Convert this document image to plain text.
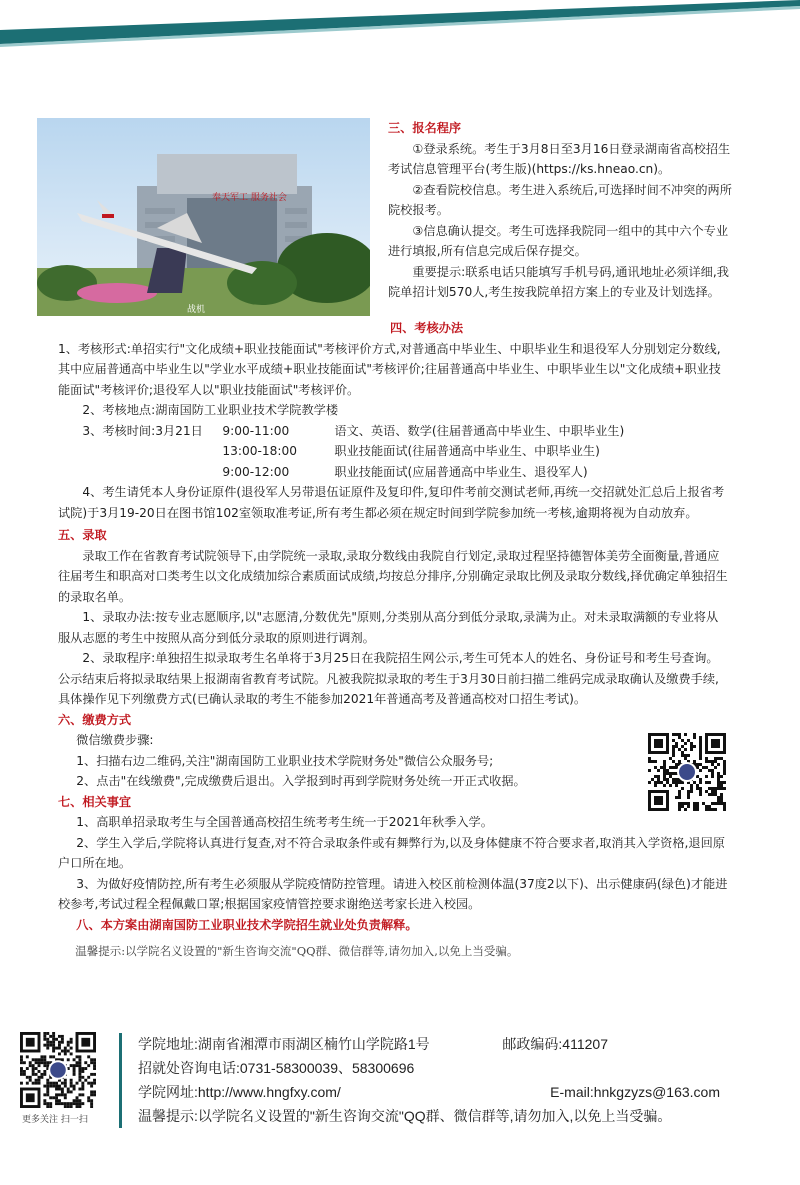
奉天军工 服务社会
战机

三、报名程序

①登录系统。考生于3月8日至3月16日登录湖南省高校招生考试信息管理平台(考生版)(https://ks.hneao.cn)。

②查看院校信息。考生进入系统后,可选择时间不冲突的两所院校报考。

③信息确认提交。考生可选择我院同一组中的其中六个专业进行填报,所有信息完成后保存提交。

重要提示:联系电话只能填写手机号码,通讯地址必须详细,我院单招计划570人,考生按我院单招方案上的专业及计划选择。

四、考核办法

1、考核形式:单招实行"文化成绩+职业技能面试"考核评价方式,对普通高中毕业生、中职毕业生和退役军人分别划定分数线,其中应届普通高中毕业生以"学业水平成绩+职业技能面试"考核评价;往届普通高中毕业生、中职毕业生以"文化成绩+职业技能面试"考核评价;退役军人以"职业技能面试"考核评价。

2、考核地点:湖南国防工业职业技术学院教学楼

3、考核时间:3月21日	9:00-11:00	语文、英语、数学(往届普通高中毕业生、中职毕业生)
13:00-18:00	职业技能面试(往届普通高中毕业生、中职毕业生)
9:00-12:00	职业技能面试(应届普通高中毕业生、退役军人)

4、考生请凭本人身份证原件(退役军人另带退伍证原件及复印件,复印件考前交测试老师,再统一交招就处汇总后上报省考试院)于3月19-20日在图书馆102室领取准考证,所有考生都必须在规定时间到学院参加统一考核,逾期将视为自动放弃。

五、录取

录取工作在省教育考试院领导下,由学院统一录取,录取分数线由我院自行划定,录取过程坚持德智体美劳全面衡量,普通应往届考生和职高对口类考生以文化成绩加综合素质面试成绩,均按总分排序,分别确定录取比例及录取分数线,择优确定单独招生的录取名单。

1、录取办法:按专业志愿顺序,以"志愿清,分数优先"原则,分类别从高分到低分录取,录满为止。对未录取满额的专业将从服从志愿的考生中按照从高分到低分录取的原则进行调剂。

2、录取程序:单独招生拟录取考生名单将于3月25日在我院招生网公示,考生可凭本人的姓名、身份证号和考生号查询。公示结束后将拟录取结果上报湖南省教育考试院。凡被我院拟录取的考生于3月30日前扫描二维码完成录取确认及缴费手续,具体操作见下列缴费方式(已确认录取的考生不能参加2021年普通高考及普通高校对口招生考试)。

六、缴费方式

微信缴费步骤:

1、扫描右边二维码,关注"湖南国防工业职业技术学院财务处"微信公众服务号;

2、点击"在线缴费",完成缴费后退出。入学报到时再到学院财务处统一开正式收据。

七、相关事宜

1、高职单招录取考生与全国普通高校招生统考考生统一于2021年秋季入学。

2、学生入学后,学院将认真进行复查,对不符合录取条件或有舞弊行为,以及身体健康不符合要求者,取消其入学资格,退回原户口所在地。

3、为做好疫情防控,所有考生必须服从学院疫情防控管理。请进入校区前检测体温(37度2以下)、出示健康码(绿色)才能进校参考,考试过程全程佩戴口罩;根据国家疫情管控要求谢绝送考家长进入校园。

八、本方案由湖南国防工业职业技术学院招生就业处负责解释。

温馨提示:以学院名义设置的"新生咨询交流"QQ群、微信群等,请勿加入,以免上当受骗。

更多关注 扫一扫
学院地址:湖南省湘潭市雨湖区楠竹山学院路1号	邮政编码:411207
招就处咨询电话:0731-58300039、58300696
学院网址:http://www.hngfxy.com/	E-mail:hnkgzyzs@163.com
温馨提示:以学院名义设置的"新生咨询交流"QQ群、微信群等,请勿加入,以免上当受骗。
